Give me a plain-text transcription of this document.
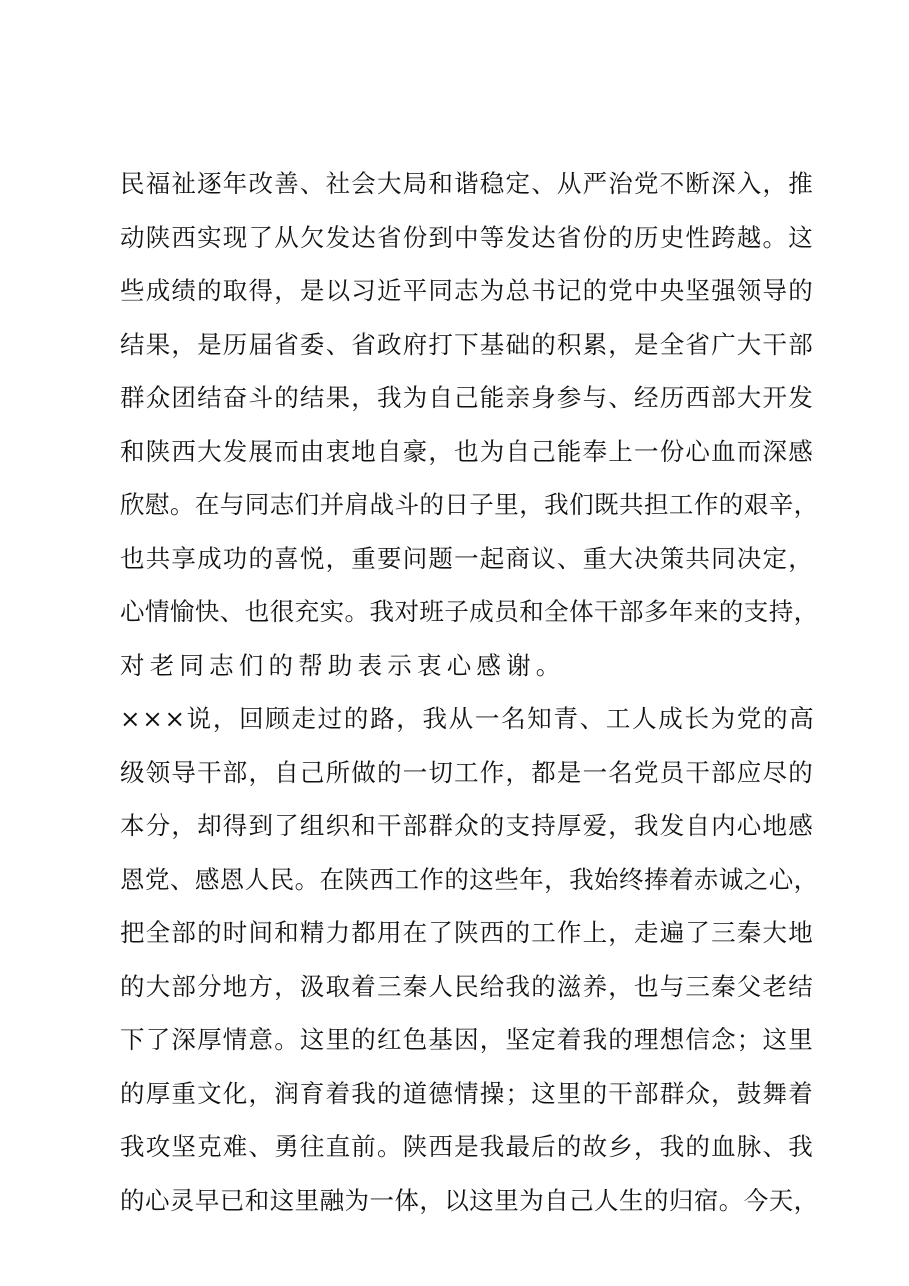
民福祉逐年改善、社会大局和谐稳定、从严治党不断深入，推
动陕西实现了从欠发达省份到中等发达省份的历史性跨越。这
些成绩的取得，是以习近平同志为总书记的党中央坚强领导的
结果，是历届省委、省政府打下基础的积累，是全省广大干部
群众团结奋斗的结果，我为自己能亲身参与、经历西部大开发
和陕西大发展而由衷地自豪，也为自己能奉上一份心血而深感
欣慰。在与同志们并肩战斗的日子里，我们既共担工作的艰辛，
也共享成功的喜悦，重要问题一起商议、重大决策共同决定，
心情愉快、也很充实。我对班子成员和全体干部多年来的支持，
对老同志们的帮助表示衷心感谢。
×××说，回顾走过的路，我从一名知青、工人成长为党的高
级领导干部，自己所做的一切工作，都是一名党员干部应尽的
本分，却得到了组织和干部群众的支持厚爱，我发自内心地感
恩党、感恩人民。在陕西工作的这些年，我始终捧着赤诚之心，
把全部的时间和精力都用在了陕西的工作上，走遍了三秦大地
的大部分地方，汲取着三秦人民给我的滋养，也与三秦父老结
下了深厚情意。这里的红色基因，坚定着我的理想信念；这里
的厚重文化，润育着我的道德情操；这里的干部群众，鼓舞着
我攻坚克难、勇往直前。陕西是我最后的故乡，我的血脉、我
的心灵早已和这里融为一体，以这里为自己人生的归宿。今天，
